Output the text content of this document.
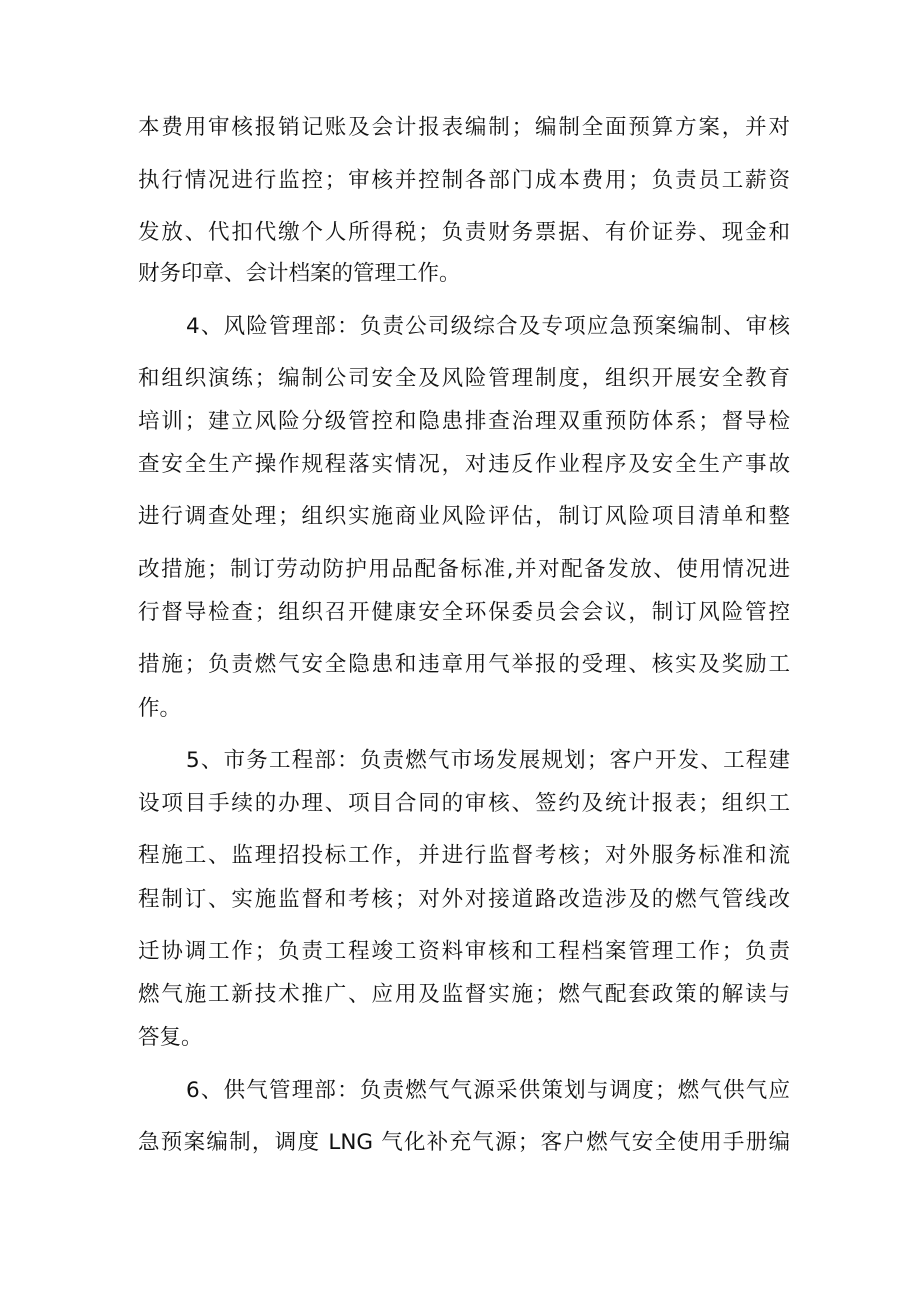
本费用审核报销记账及会计报表编制；编制全面预算方案，并对
执行情况进行监控；审核并控制各部门成本费用；负责员工薪资
发放、代扣代缴个人所得税；负责财务票据、有价证券、现金和
财务印章、会计档案的管理工作。
4、风险管理部：负责公司级综合及专项应急预案编制、审核
和组织演练；编制公司安全及风险管理制度，组织开展安全教育
培训；建立风险分级管控和隐患排查治理双重预防体系；督导检
查安全生产操作规程落实情况，对违反作业程序及安全生产事故
进行调查处理；组织实施商业风险评估，制订风险项目清单和整
改措施；制订劳动防护用品配备标准,并对配备发放、使用情况进
行督导检查；组织召开健康安全环保委员会会议，制订风险管控
措施；负责燃气安全隐患和违章用气举报的受理、核实及奖励工
作。
5、市务工程部：负责燃气市场发展规划；客户开发、工程建
设项目手续的办理、项目合同的审核、签约及统计报表；组织工
程施工、监理招投标工作，并进行监督考核；对外服务标准和流
程制订、实施监督和考核；对外对接道路改造涉及的燃气管线改
迁协调工作；负责工程竣工资料审核和工程档案管理工作；负责
燃气施工新技术推广、应用及监督实施；燃气配套政策的解读与
答复。
6、供气管理部：负责燃气气源采供策划与调度；燃气供气应
急预案编制，调度 LNG 气化补充气源；客户燃气安全使用手册编
